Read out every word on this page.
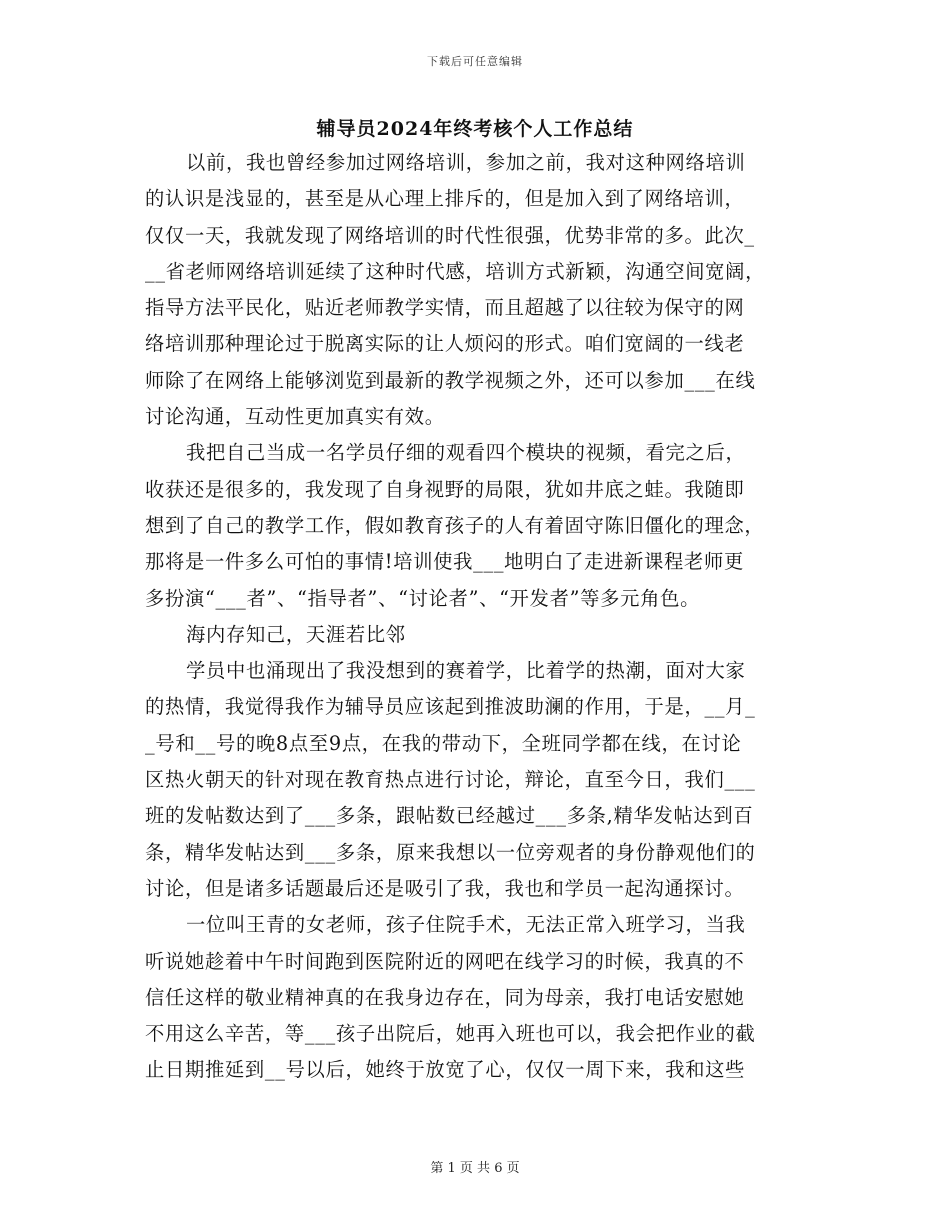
下载后可任意编辑
辅导员2024年终考核个人工作总结
以前，我也曾经参加过网络培训，参加之前，我对这种网络培训
的认识是浅显的，甚至是从心理上排斥的，但是加入到了网络培训，
仅仅一天，我就发现了网络培训的时代性很强，优势非常的多。此次_
__省老师网络培训延续了这种时代感，培训方式新颖，沟通空间宽阔，
指导方法平民化，贴近老师教学实情，而且超越了以往较为保守的网
络培训那种理论过于脱离实际的让人烦闷的形式。咱们宽阔的一线老
师除了在网络上能够浏览到最新的教学视频之外，还可以参加___在线
讨论沟通，互动性更加真实有效。
我把自己当成一名学员仔细的观看四个模块的视频，看完之后，
收获还是很多的，我发现了自身视野的局限，犹如井底之蛙。我随即
想到了自己的教学工作，假如教育孩子的人有着固守陈旧僵化的理念，
那将是一件多么可怕的事情!培训使我___地明白了走进新课程老师更
多扮演“___者”、“指导者”、“讨论者”、“开发者”等多元角色。
海内存知己，天涯若比邻
学员中也涌现出了我没想到的赛着学，比着学的热潮，面对大家
的热情，我觉得我作为辅导员应该起到推波助澜的作用，于是，__月_
_号和__号的晚8点至9点，在我的带动下，全班同学都在线，在讨论
区热火朝天的针对现在教育热点进行讨论，辩论，直至今日，我们___
班的发帖数达到了___多条，跟帖数已经越过___多条,精华发帖达到百
条，精华发帖达到___多条，原来我想以一位旁观者的身份静观他们的
讨论，但是诸多话题最后还是吸引了我，我也和学员一起沟通探讨。
一位叫王青的女老师，孩子住院手术，无法正常入班学习，当我
听说她趁着中午时间跑到医院附近的网吧在线学习的时候，我真的不
信任这样的敬业精神真的在我身边存在，同为母亲，我打电话安慰她
不用这么辛苦，等___孩子出院后，她再入班也可以，我会把作业的截
止日期推延到__号以后，她终于放宽了心，仅仅一周下来，我和这些
第 1 页 共 6 页
